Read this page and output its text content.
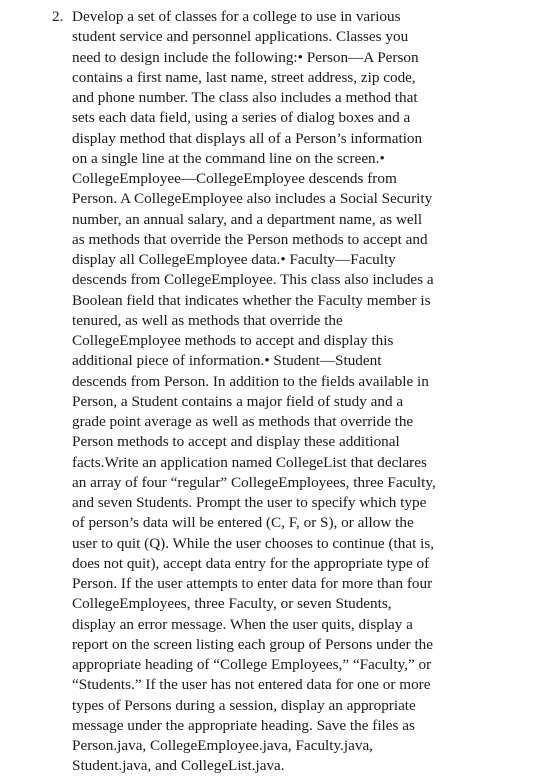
2. Develop a set of classes for a college to use in various
student service and personnel applications. Classes you
need to design include the following:• Person—A Person
contains a first name, last name, street address, zip code,
and phone number. The class also includes a method that
sets each data field, using a series of dialog boxes and a
display method that displays all of a Person’s information
on a single line at the command line on the screen.•
CollegeEmployee—CollegeEmployee descends from
Person. A CollegeEmployee also includes a Social Security
number, an annual salary, and a department name, as well
as methods that override the Person methods to accept and
display all CollegeEmployee data.• Faculty—Faculty
descends from CollegeEmployee. This class also includes a
Boolean field that indicates whether the Faculty member is
tenured, as well as methods that override the
CollegeEmployee methods to accept and display this
additional piece of information.• Student—Student
descends from Person. In addition to the fields available in
Person, a Student contains a major field of study and a
grade point average as well as methods that override the
Person methods to accept and display these additional
facts.Write an application named CollegeList that declares
an array of four “regular” CollegeEmployees, three Faculty,
and seven Students. Prompt the user to specify which type
of person’s data will be entered (C, F, or S), or allow the
user to quit (Q). While the user chooses to continue (that is,
does not quit), accept data entry for the appropriate type of
Person. If the user attempts to enter data for more than four
CollegeEmployees, three Faculty, or seven Students,
display an error message. When the user quits, display a
report on the screen listing each group of Persons under the
appropriate heading of “College Employees,” “Faculty,” or
“Students.” If the user has not entered data for one or more
types of Persons during a session, display an appropriate
message under the appropriate heading. Save the files as
Person.java, CollegeEmployee.java, Faculty.java,
Student.java, and CollegeList.java.
